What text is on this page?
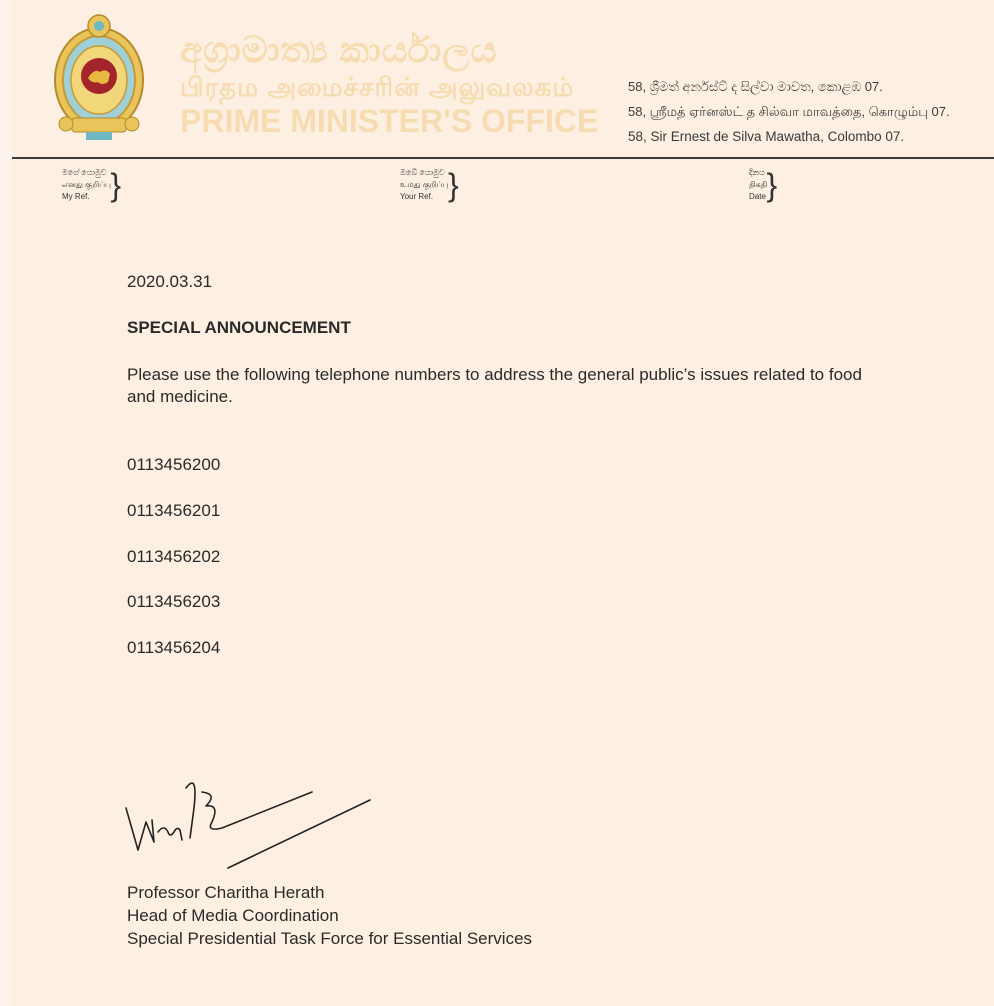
අග්‍රාමාත්‍ය කාර්යාලය
பிரதம அமைச்சரின் அலுவலகம்
PRIME MINISTER'S OFFICE
58, ශ්‍රීමත් අර්නස්ට් ද සිල්වා මාවත, කොළඹ 07.
58, ஸ்ரீமத் ஏர்னஸ்ட் த சில்வா மாவத்தை, கொழும்பு 07.
58, Sir Ernest de Silva Mawatha, Colombo 07.
මගේ යොමුව
எனது குறிப்பு
My Ref. }	ඔබේ යොමුව
உமது குறிப்பு
Your Ref. }	දිනය
திகதி
Date }
2020.03.31
SPECIAL ANNOUNCEMENT
Please use the following telephone numbers to address the general public’s issues related to food and medicine.
0113456200
0113456201
0113456202
0113456203
0113456204
Professor Charitha Herath
Head of Media Coordination
Special Presidential Task Force for Essential Services
